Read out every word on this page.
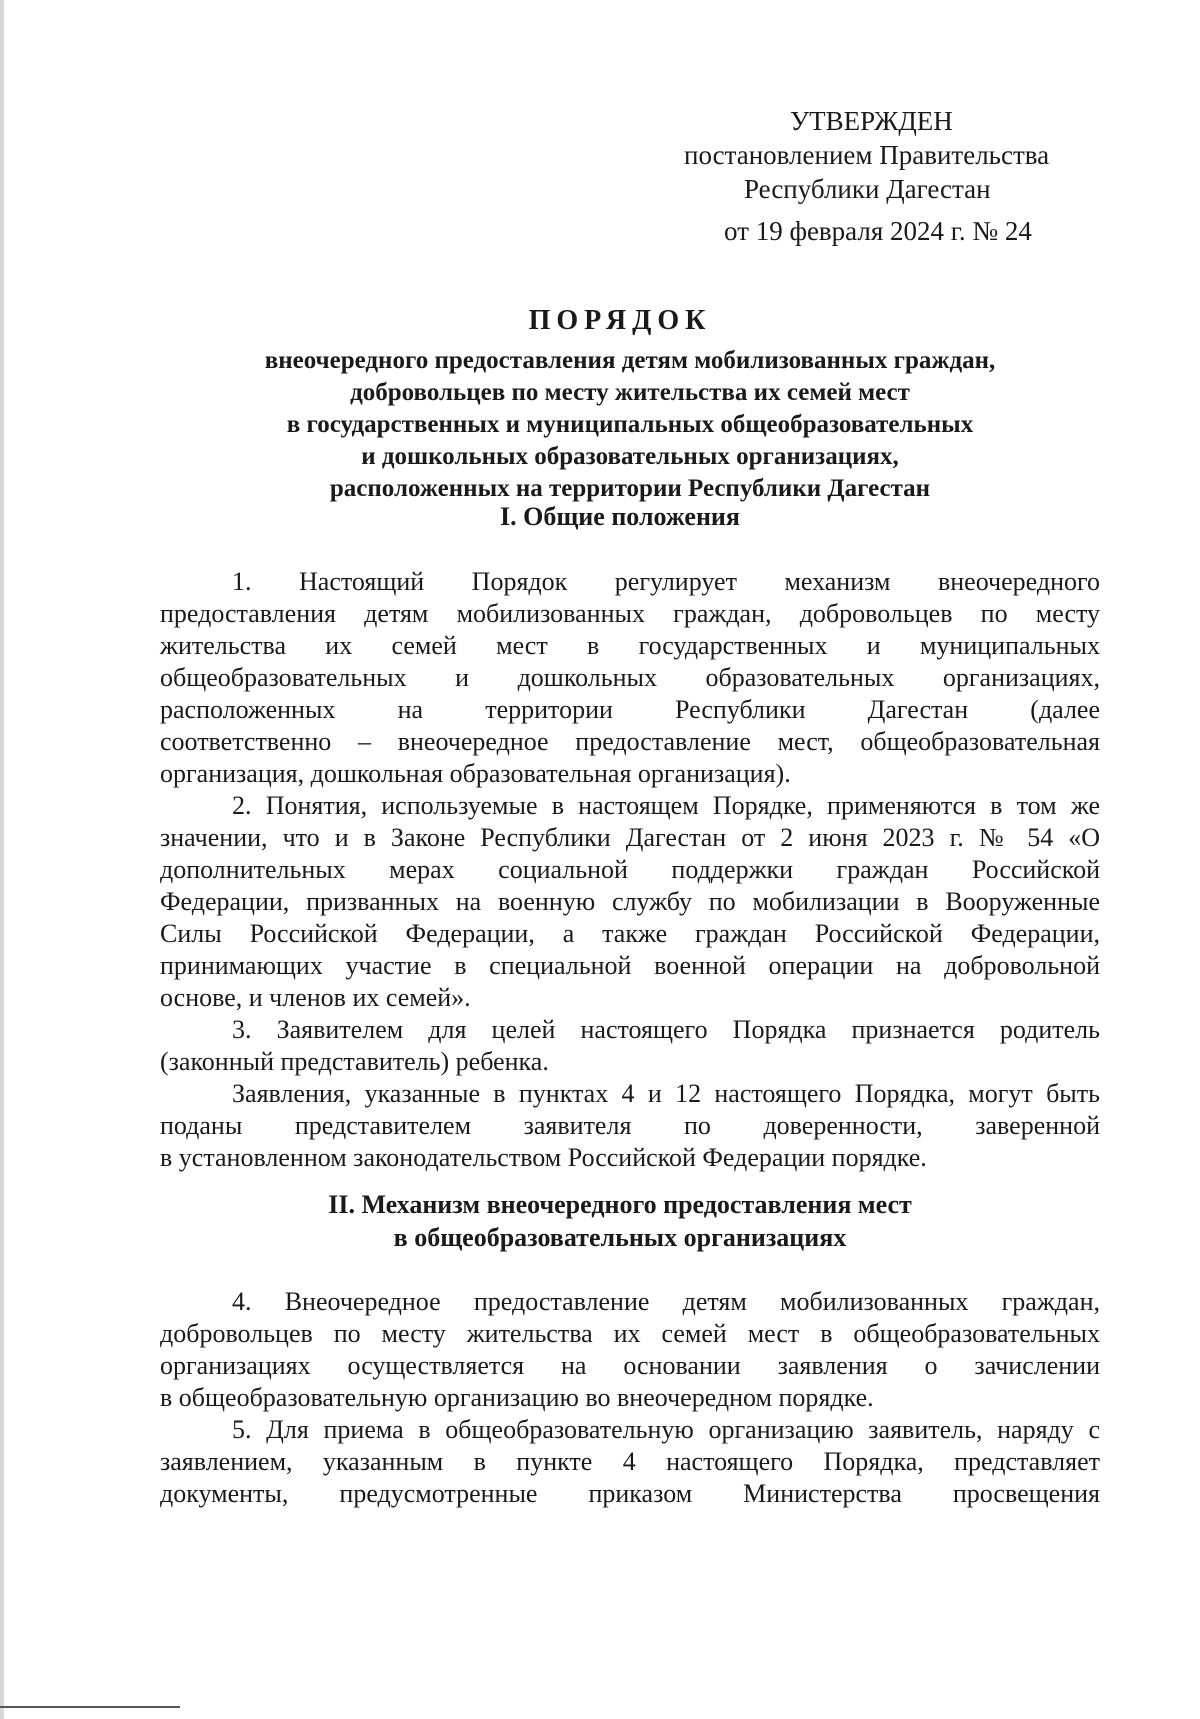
УТВЕРЖДЕН
постановлением Правительства
Республики Дагестан
от 19 февраля 2024 г. № 24
ПОРЯДОК
внеочередного предоставления детям мобилизованных граждан,
добровольцев по месту жительства их семей мест
в государственных и муниципальных общеобразовательных
и дошкольных образовательных организациях,
расположенных на территории Республики Дагестан
I. Общие положения
1. Настоящий Порядок регулирует механизм внеочередного
предоставления детям мобилизованных граждан, добровольцев по месту
жительства их семей мест в государственных и муниципальных
общеобразовательных и дошкольных образовательных организациях,
расположенных на территории Республики Дагестан (далее
соответственно – внеочередное предоставление мест, общеобразовательная
организация, дошкольная образовательная организация).
2. Понятия, используемые в настоящем Порядке, применяются в том же
значении, что и в Законе Республики Дагестан от 2 июня 2023 г. № 54 «О
дополнительных мерах социальной поддержки граждан Российской
Федерации, призванных на военную службу по мобилизации в Вооруженные
Силы Российской Федерации, а также граждан Российской Федерации,
принимающих участие в специальной военной операции на добровольной
основе, и членов их семей».
3. Заявителем для целей настоящего Порядка признается родитель
(законный представитель) ребенка.
Заявления, указанные в пунктах 4 и 12 настоящего Порядка, могут быть
поданы представителем заявителя по доверенности, заверенной
в установленном законодательством Российской Федерации порядке.
II. Механизм внеочередного предоставления мест
в общеобразовательных организациях
4. Внеочередное предоставление детям мобилизованных граждан,
добровольцев по месту жительства их семей мест в общеобразовательных
организациях осуществляется на основании заявления о зачислении
в общеобразовательную организацию во внеочередном порядке.
5. Для приема в общеобразовательную организацию заявитель, наряду с
заявлением, указанным в пункте 4 настоящего Порядка, представляет
документы, предусмотренные приказом Министерства просвещения
